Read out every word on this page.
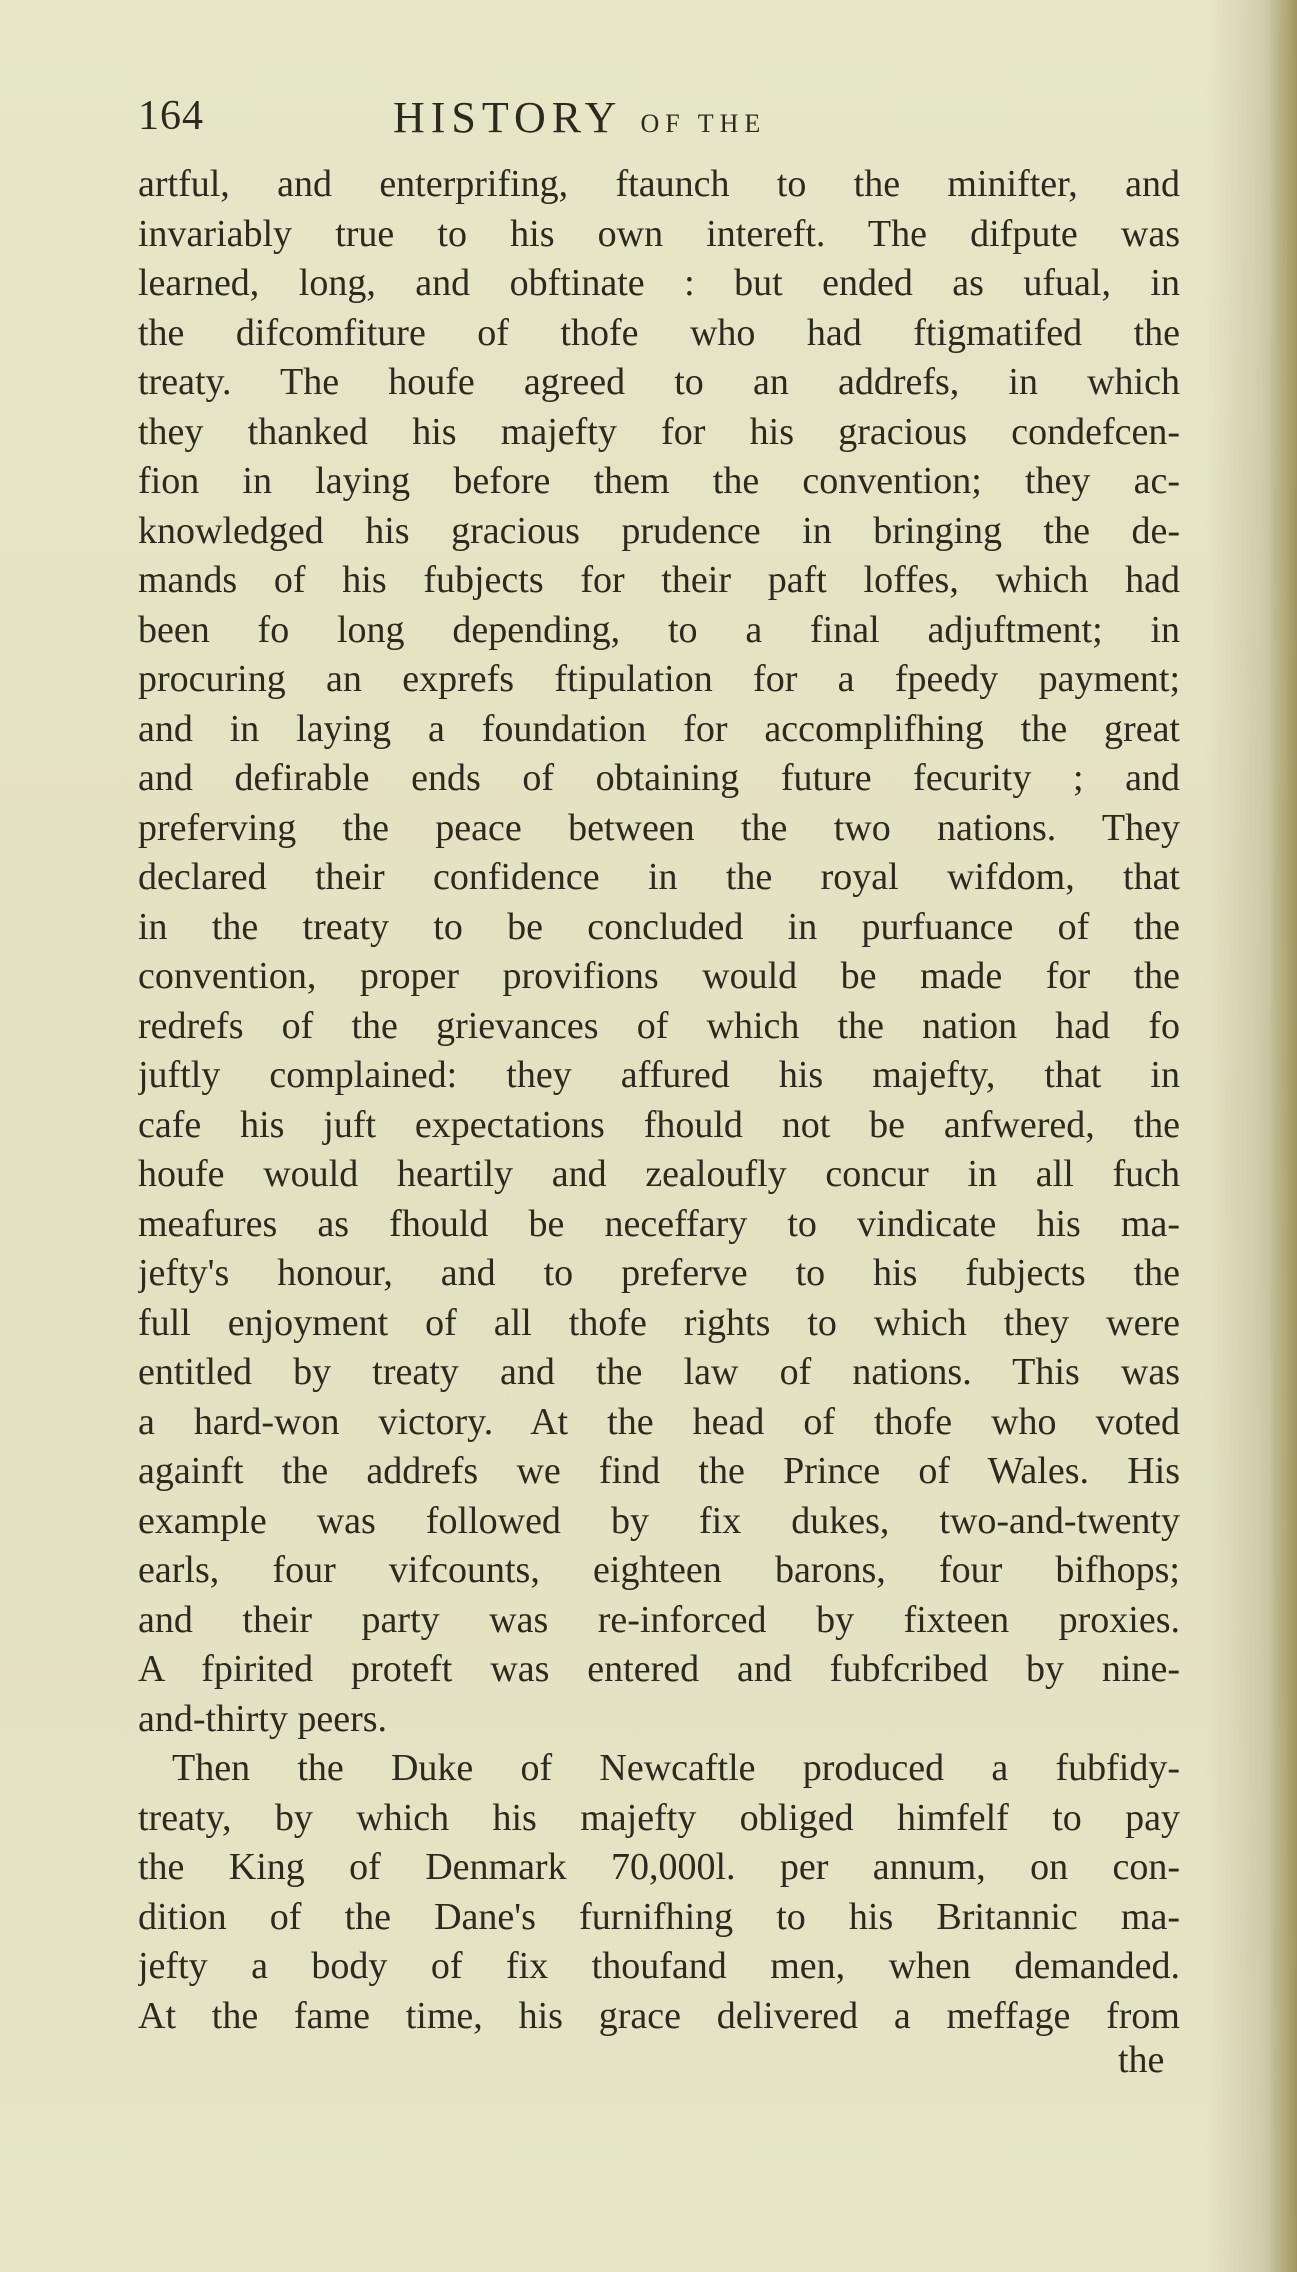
164	HISTORY OF THE
artful, and enterprifing, ftaunch to the minifter, and
invariably true to his own intereft. The difpute was
learned, long, and obftinate : but ended as ufual, in
the difcomfiture of thofe who had ftigmatifed the
treaty. The houfe agreed to an addrefs, in which
they thanked his majefty for his gracious condefcen-
fion in laying before them the convention; they ac-
knowledged his gracious prudence in bringing the de-
mands of his fubjects for their paft loffes, which had
been fo long depending, to a final adjuftment; in
procuring an exprefs ftipulation for a fpeedy payment;
and in laying a foundation for accomplifhing the great
and defirable ends of obtaining future fecurity ; and
preferving the peace between the two nations. They
declared their confidence in the royal wifdom, that
in the treaty to be concluded in purfuance of the
convention, proper provifions would be made for the
redrefs of the grievances of which the nation had fo
juftly complained: they affured his majefty, that in
cafe his juft expectations fhould not be anfwered, the
houfe would heartily and zealoufly concur in all fuch
meafures as fhould be neceffary to vindicate his ma-
jefty's honour, and to preferve to his fubjects the
full enjoyment of all thofe rights to which they were
entitled by treaty and the law of nations. This was
a hard-won victory. At the head of thofe who voted
againft the addrefs we find the Prince of Wales. His
example was followed by fix dukes, two-and-twenty
earls, four vifcounts, eighteen barons, four bifhops;
and their party was re-inforced by fixteen proxies.
A fpirited proteft was entered and fubfcribed by nine-
and-thirty peers.
Then the Duke of Newcaftle produced a fubfidy-
treaty, by which his majefty obliged himfelf to pay
the King of Denmark 70,000l. per annum, on con-
dition of the Dane's furnifhing to his Britannic ma-
jefty a body of fix thoufand men, when demanded.
At the fame time, his grace delivered a meffage from
the
